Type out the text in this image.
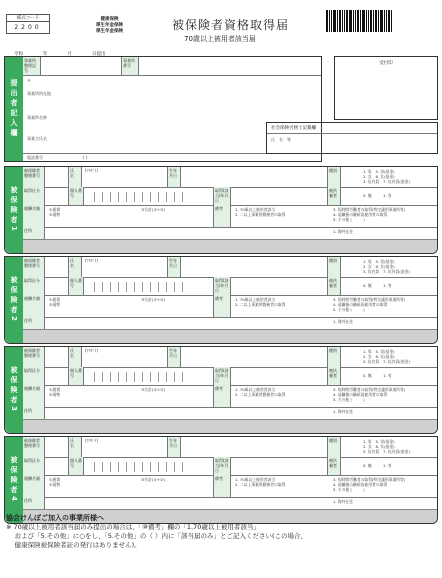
様式コード
2200
健康保険
厚生年金保険
厚生年金保険	被保険者資格取得届
70歳以上被用者該当届
令和	年	月	日提出
提出者記入欄
事業所整理記号
事業所番号
〒
事業所所在地
事業所名称
事業主氏名
電話番号	( )
受付印
社会保険労務士記載欄
氏　名　等
被保険者1
被保険者整理番号
氏　名
(ﾌﾘｶﾞﾅ)	生年月日
種別	1. 男　 5. 男(基金)
2. 女　 6. 女(基金)
3. 坑内員　 7. 坑内員(基金)
取得区分	個人番号
取得(該当)年月日
被扶養者	0. 無　　　	1. 有
報酬月額	①通貨
②現物
③合計(①+②)	備考	1. 70歳以上被用者該当
2. 二以上事業所勤務者の取得
3. 短時間労働者の取得(特定適用事業所等)
4. 退職後の継続再雇用者の取得
5. その他 (　　　)
住所	1. 海外在住
被保険者2
被保険者整理番号
氏　名
(ﾌﾘｶﾞﾅ)	生年月日
種別	1. 男　 5. 男(基金)
2. 女　 6. 女(基金)
3. 坑内員　 7. 坑内員(基金)
取得区分	個人番号
取得(該当)年月日
被扶養者	0. 無　　　	1. 有
報酬月額	①通貨
②現物
③合計(①+②)	備考	1. 70歳以上被用者該当
2. 二以上事業所勤務者の取得
3. 短時間労働者の取得(特定適用事業所等)
4. 退職後の継続再雇用者の取得
5. その他 (　　　)
住所	1. 海外在住
被保険者3
被保険者整理番号
氏　名
(ﾌﾘｶﾞﾅ)	生年月日
種別	1. 男　 5. 男(基金)
2. 女　 6. 女(基金)
3. 坑内員　 7. 坑内員(基金)
取得区分	個人番号
取得(該当)年月日
被扶養者	0. 無　　　	1. 有
報酬月額	①通貨
②現物
③合計(①+②)	備考	1. 70歳以上被用者該当
2. 二以上事業所勤務者の取得
3. 短時間労働者の取得(特定適用事業所等)
4. 退職後の継続再雇用者の取得
5. その他 (　　　)
住所	1. 海外在住
被保険者4
被保険者整理番号
氏　名
(ﾌﾘｶﾞﾅ)	生年月日
種別	1. 男　 5. 男(基金)
2. 女　 6. 女(基金)
3. 坑内員　 7. 坑内員(基金)
取得区分	個人番号
取得(該当)年月日
被扶養者	0. 無　　　	1. 有
報酬月額	①通貨
②現物
③合計(①+②)	備考	1. 70歳以上被用者該当
2. 二以上事業所勤務者の取得
3. 短時間労働者の取得(特定適用事業所等)
4. 退職後の継続再雇用者の取得
5. その他 (　　　)
住所	1. 海外在住
協会けんぽご加入の事業所様へ
※ 70歳以上被用者該当届のみ提出の場合は、「⑩備考」欄の「1.70歳以上被用者該当」
　 および「5.その他」に○をし、「5.その他」の（ ）内に「該当届のみ」とご記入ください(この場合、
　 健康保険被保険者証の発行はありません)。
